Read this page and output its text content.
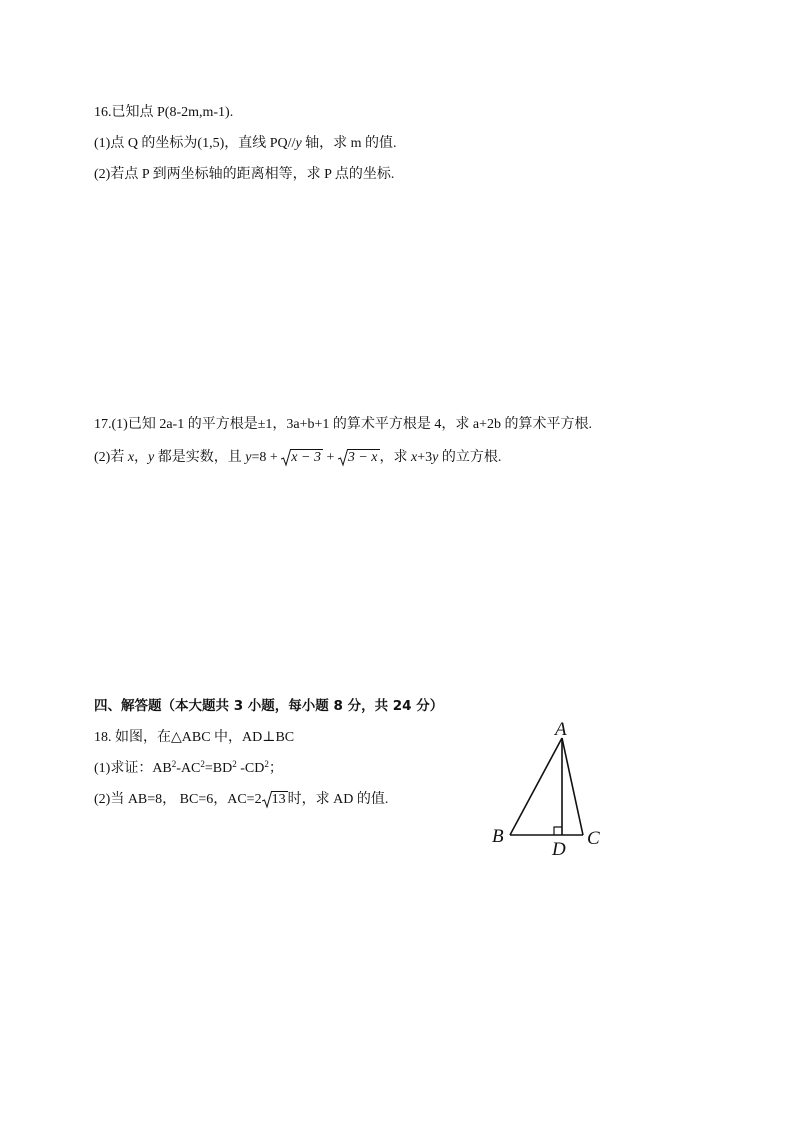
16.已知点 P(8-2m,m-1).
(1)点 Q 的坐标为(1,5)，直线 PQ//y 轴，求 m 的值.
(2)若点 P 到两坐标轴的距离相等，求 P 点的坐标.
17.(1)已知 2a-1 的平方根是±1，3a+b+1 的算术平方根是 4，求 a+2b 的算术平方根.
(2)若 x，y 都是实数，且 y=8 +
x − 3 +
3 − x ，求 x+3y 的立方根.
四、解答题（本大题共 3 小题，每小题 8 分，共 24 分）
18. 如图，在△ABC 中，AD⊥BC
(1)求证：$AB^2-AC^2=BD^2$ $-CD^2$；
(2)当 AB=8， BC=6，AC=2 13 时，求 AD 的值.
A
B	C
D
